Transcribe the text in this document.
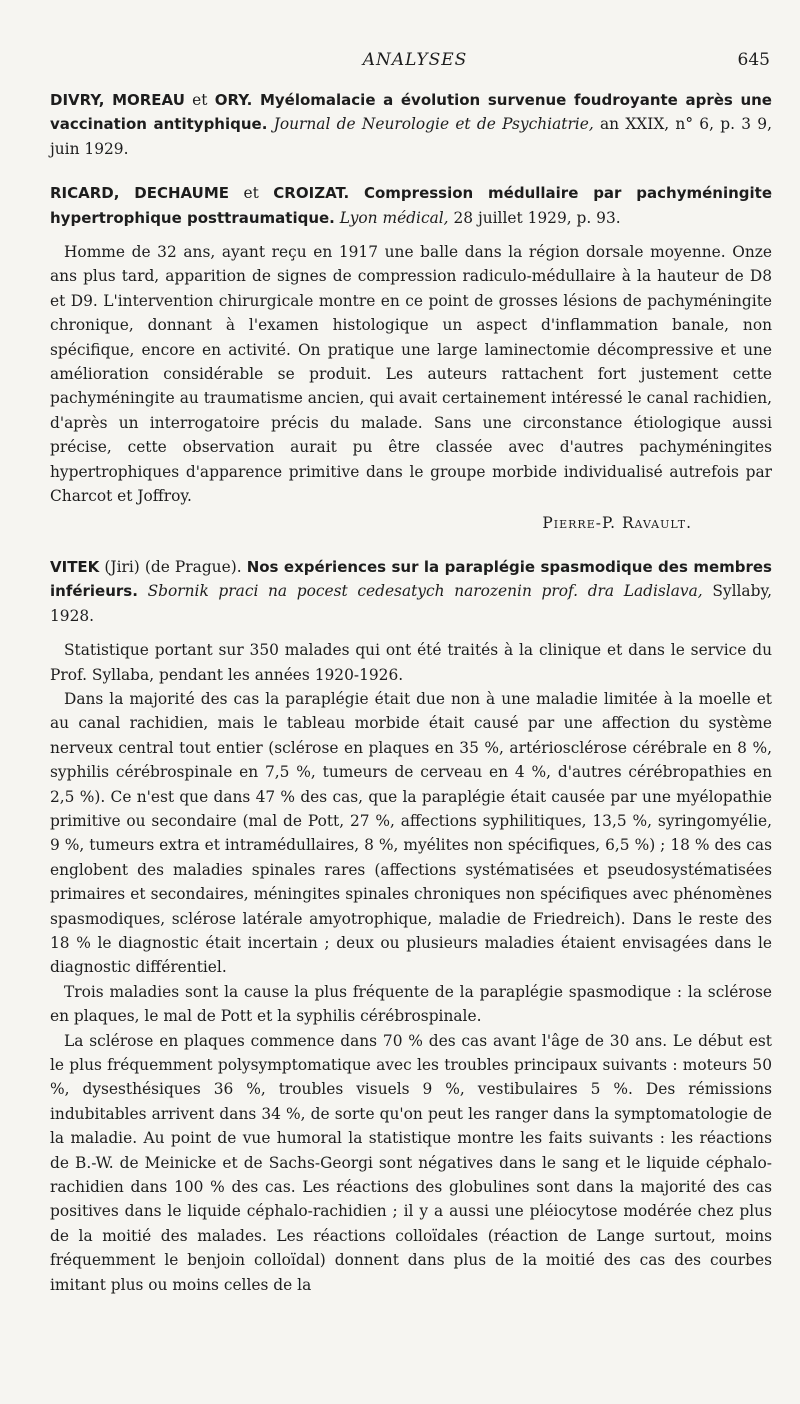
ANALYSES	645

DIVRY, MOREAU et ORY. Myélomalacie a évolution survenue foudroyante après une vaccination antityphique. Journal de Neurologie et de Psychiatrie, an XXIX, n° 6, p. 3 9, juin 1929.

RICARD, DECHAUME et CROIZAT. Compression médullaire par pachyméningite hypertrophique posttraumatique. Lyon médical, 28 juillet 1929, p. 93.

Homme de 32 ans, ayant reçu en 1917 une balle dans la région dorsale moyenne. Onze ans plus tard, apparition de signes de compression radiculo-médullaire à la hauteur de D8 et D9. L'intervention chirurgicale montre en ce point de grosses lésions de pachyméningite chronique, donnant à l'examen histologique un aspect d'inflammation banale, non spécifique, encore en activité. On pratique une large laminectomie décompressive et une amélioration considérable se produit. Les auteurs rattachent fort justement cette pachyméningite au traumatisme ancien, qui avait certainement intéressé le canal rachidien, d'après un interrogatoire précis du malade. Sans une circonstance étiologique aussi précise, cette observation aurait pu être classée avec d'autres pachyméningites hypertrophiques d'apparence primitive dans le groupe morbide individualisé autrefois par Charcot et Joffroy.

Pierre-P. Ravault.

VITEK (Jiri) (de Prague). Nos expériences sur la paraplégie spasmodique des membres inférieurs. Sbornik praci na pocest cedesatych narozenin prof. dra Ladislava, Syllaby, 1928.

Statistique portant sur 350 malades qui ont été traités à la clinique et dans le service du Prof. Syllaba, pendant les années 1920-1926.

Dans la majorité des cas la paraplégie était due non à une maladie limitée à la moelle et au canal rachidien, mais le tableau morbide était causé par une affection du système nerveux central tout entier (sclérose en plaques en 35 %, artériosclérose cérébrale en 8 %, syphilis cérébrospinale en 7,5 %, tumeurs de cerveau en 4 %, d'autres cérébropathies en 2,5 %). Ce n'est que dans 47 % des cas, que la paraplégie était causée par une myélopathie primitive ou secondaire (mal de Pott, 27 %, affections syphilitiques, 13,5 %, syringomyélie, 9 %, tumeurs extra et intramédullaires, 8 %, myélites non spécifiques, 6,5 %) ; 18 % des cas englobent des maladies spinales rares (affections systématisées et pseudosystématisées primaires et secondaires, méningites spinales chroniques non spécifiques avec phénomènes spasmodiques, sclérose latérale amyotrophique, maladie de Friedreich). Dans le reste des 18 % le diagnostic était incertain ; deux ou plusieurs maladies étaient envisagées dans le diagnostic différentiel.

Trois maladies sont la cause la plus fréquente de la paraplégie spasmodique : la sclérose en plaques, le mal de Pott et la syphilis cérébrospinale.

La sclérose en plaques commence dans 70 % des cas avant l'âge de 30 ans. Le début est le plus fréquemment polysymptomatique avec les troubles principaux suivants : moteurs 50 %, dysesthésiques 36 %, troubles visuels 9 %, vestibulaires 5 %. Des rémissions indubitables arrivent dans 34 %, de sorte qu'on peut les ranger dans la symptomatologie de la maladie. Au point de vue humoral la statistique montre les faits suivants : les réactions de B.-W. de Meinicke et de Sachs-Georgi sont négatives dans le sang et le liquide céphalo-rachidien dans 100 % des cas. Les réactions des globulines sont dans la majorité des cas positives dans le liquide céphalo-rachidien ; il y a aussi une pléiocytose modérée chez plus de la moitié des malades. Les réactions colloïdales (réaction de Lange surtout, moins fréquemment le benjoin colloïdal) donnent dans plus de la moitié des cas des courbes imitant plus ou moins celles de la
